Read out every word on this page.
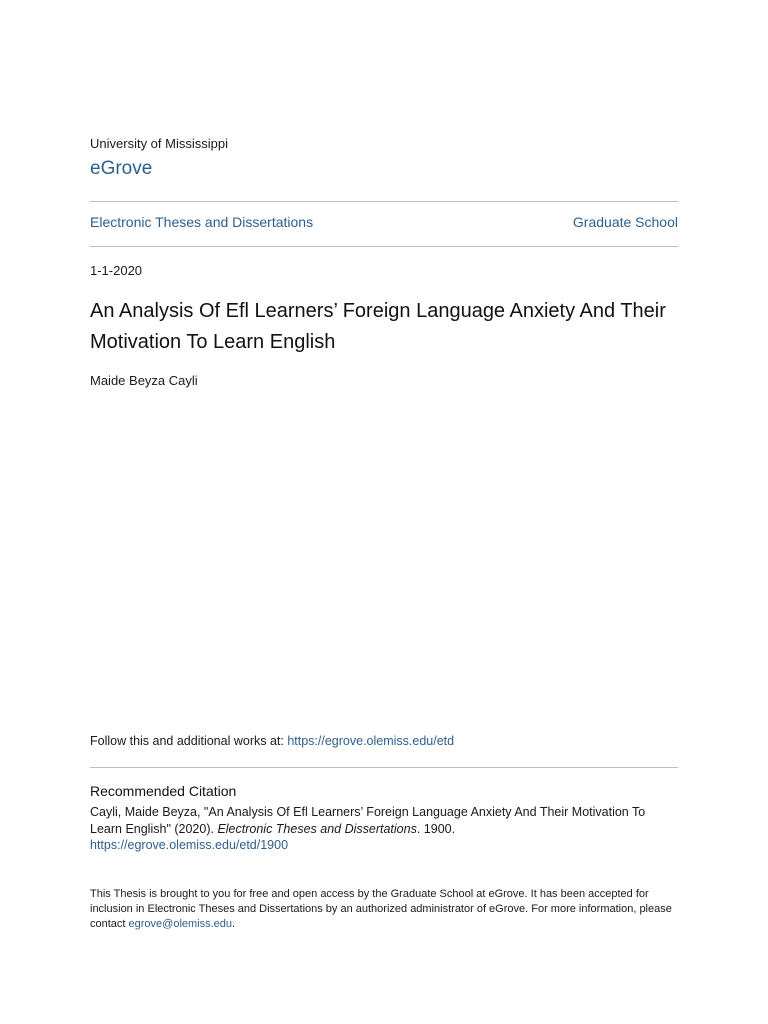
University of Mississippi
eGrove
Electronic Theses and Dissertations	Graduate School
1-1-2020
An Analysis Of Efl Learners’ Foreign Language Anxiety And Their Motivation To Learn English
Maide Beyza Cayli
Follow this and additional works at: https://egrove.olemiss.edu/etd
Recommended Citation
Cayli, Maide Beyza, "An Analysis Of Efl Learners’ Foreign Language Anxiety And Their Motivation To Learn English" (2020). Electronic Theses and Dissertations. 1900.
https://egrove.olemiss.edu/etd/1900
This Thesis is brought to you for free and open access by the Graduate School at eGrove. It has been accepted for inclusion in Electronic Theses and Dissertations by an authorized administrator of eGrove. For more information, please contact egrove@olemiss.edu.
